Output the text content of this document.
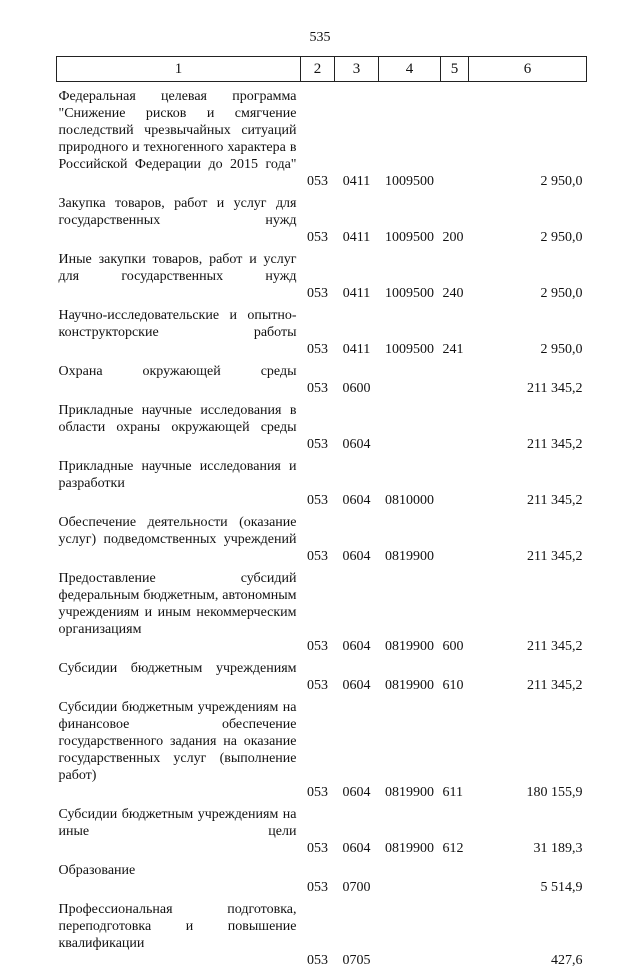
535
1	2	3	4	5	6

Федеральная целевая программа "Снижение рисков и смягчение последствий чрезвычайных ситуаций природного и техногенного характера в Российской Федерации до 2015 года"	053	0411	1009500		2 950,0

Закупка товаров, работ и услуг для государственных нужд	053	0411	1009500	200	2 950,0

Иные закупки товаров, работ и услуг для государственных нужд	053	0411	1009500	240	2 950,0

Научно-исследовательские и опытно-конструкторские работы	053	0411	1009500	241	2 950,0

Охрана окружающей среды	053	0600			211 345,2

Прикладные научные исследования в области охраны окружающей среды	053	0604			211 345,2

Прикладные научные исследования и разработки	053	0604	0810000		211 345,2

Обеспечение деятельности (оказание услуг) подведомственных учреждений	053	0604	0819900		211 345,2

Предоставление субсидий федеральным бюджетным, автономным учреждениям и иным некоммерческим организациям	053	0604	0819900	600	211 345,2

Субсидии бюджетным учреждениям	053	0604	0819900	610	211 345,2

Субсидии бюджетным учреждениям на финансовое обеспечение государственного задания на оказание государственных услуг (выполнение работ)	053	0604	0819900	611	180 155,9

Субсидии бюджетным учреждениям на иные цели	053	0604	0819900	612	31 189,3

Образование	053	0700			5 514,9

Профессиональная подготовка, переподготовка и повышение квалификации	053	0705			427,6
